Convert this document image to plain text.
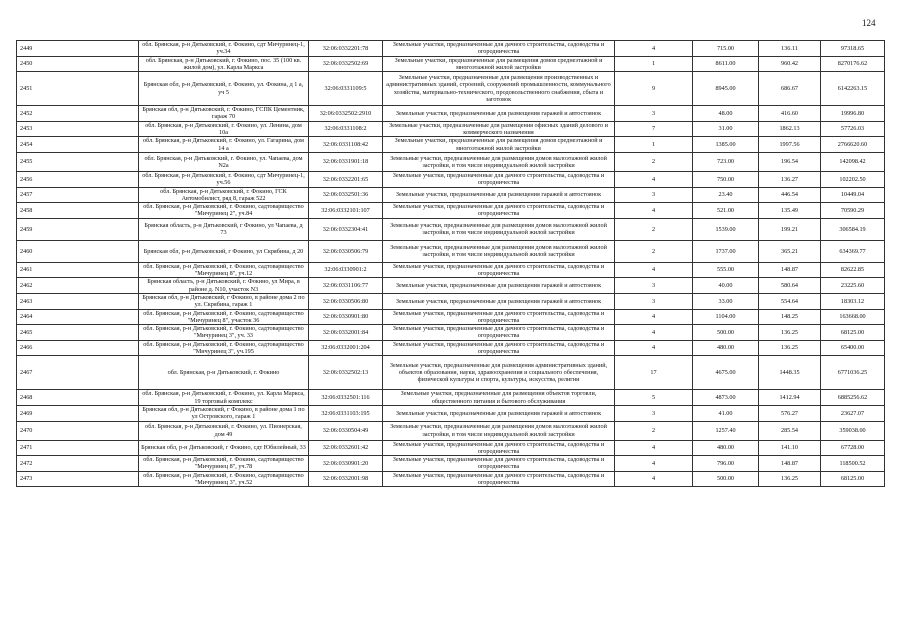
124
2449	обл. Брянская, р-н Дятьковский, г. Фокино, сдт Мичуринец-1, уч.34	32:06:0332201:78	Земельные участки, предназначенные для дачного строительства, садоводства и огородничества	4	715.00	136.11	97318.65
2450	обл. Брянская, р-н Дятьковский, г. Фокино, пос. 35 (100 кв. жилой дом), ул. Карла Маркса	32:06:0332502:69	Земельные участки, предназначенные для размещения домов среднеэтажной и многоэтажной жилой застройки	1	8611.00	960.42	8270176.62
2451	Брянская обл, р-н Дятьковский, г. Фокино, ул. Фокина, д 1 а, уч 5	32:06:0331109:5	Земельные участки, предназначенные для размещения производственных и административных зданий, строений, сооружений промышленности, коммунального хозяйства, материально-технического, продовольственного снабжения, сбыта и заготовок	9	8945.00	686.67	6142263.15
2452	Брянская обл, р-н Дятьковский, г. Фокино, ГСПК Цементник, гараж 70	32:06:0332502:2910	Земельные участки, предназначенные для размещения гаражей и автостоянок	3	48.00	416.60	19996.80
2453	обл. Брянская, р-н Дятьковский, г. Фокино, ул. Ленина, дом 10а	32:06:0331108:2	Земельные участки, предназначенные для размещения офисных зданий делового и коммерческого назначения	7	31.00	1862.13	57726.03
2454	обл. Брянская, р-н Дятьковский, г. Фокино, ул. Гагарина, дом 14 а	32:06:0331108:42	Земельные участки, предназначенные для размещения домов среднеэтажной и многоэтажной жилой застройки	1	1385.00	1997.56	2766620.60
2455	обл. Брянская, р-н Дятьковский, г. Фокино, ул. Чапаева, дом N2а	32:06:0331901:18	Земельные участки, предназначенные для размещения домов малоэтажной жилой застройки, в том числе индивидуальной жилой застройки	2	723.00	196.54	142098.42
2456	обл. Брянская, р-н Дятьковский, г. Фокино, сдт Мичуринец-1, уч.56	32:06:0332201:65	Земельные участки, предназначенные для дачного строительства, садоводства и огородничества	4	750.00	136.27	102202.50
2457	обл. Брянская, р-н Дятьковский, г. Фокино, ГСК Автомобилист, ряд 8, гараж 522	32:06:0332501:36	Земельные участки, предназначенные для размещения гаражей и автостоянок	3	23.40	446.54	10449.04
2458	обл. Брянская, р-н Дятьковский, г. Фокино, садтоварищество "Мичуринец 2", уч.84	32:06:0332101:107	Земельные участки, предназначенные для дачного строительства, садоводства и огородничества	4	521.00	135.49	70590.29
2459	Брянская область, р-н Дятьковский, г Фокино, ул Чапаева, д 73	32:06:0332304:41	Земельные участки, предназначенные для размещения домов малоэтажной жилой застройки, в том числе индивидуальной жилой застройки	2	1539.00	199.21	306584.19
2460	Брянская обл, р-н Дятьковский, г Фокино, ул Скрябина, д 20	32:06:0330506:79	Земельные участки, предназначенные для размещения домов малоэтажной жилой застройки, в том числе индивидуальной жилой застройки	2	1737.00	365.21	634369.77
2461	обл. Брянская, р-н Дятьковский, г. Фокино, садтоварищество "Мичуринец 8", уч.12	32:06:0330901:2	Земельные участки, предназначенные для дачного строительства, садоводства и огородничества	4	555.00	148.87	82622.85
2462	Брянская область, р-н Дятьковский, г. Фокино, ул Мира, в районе д. N10, участок N3	32:06:0331106:77	Земельные участки, предназначенные для размещения гаражей и автостоянок	3	40.00	580.64	23225.60
2463	Брянская обл, р-н Дятьковский, г Фокино, в районе дома 2 по ул. Скрябина, гараж 1	32:06:0330506:80	Земельные участки, предназначенные для размещения гаражей и автостоянок	3	33.00	554.64	18303.12
2464	обл. Брянская, р-н Дятьковский, г. Фокино, садтоварищество "Мичуринец 8", участок 36	32:06:0330901:80	Земельные участки, предназначенные для дачного строительства, садоводства и огородничества	4	1104.00	148.25	163668.00
2465	обл. Брянская, р-н Дятьковский, г. Фокино, садтоварищество "Мичуринец 3", уч. 33	32:06:0332001:84	Земельные участки, предназначенные для дачного строительства, садоводства и огородничества	4	500.00	136.25	68125.00
2466	обл. Брянская, р-н Дятьковский, г. Фокино, садтоварищество "Мичуринец 3", уч.195	32:06:0332001:204	Земельные участки, предназначенные для дачного строительства, садоводства и огородничества	4	480.00	136.25	65400.00
2467	обл. Брянская, р-н Дятьковский, г. Фокино	32:06:0332502:13	Земельные участки, предназначенные для размещения административных зданий, объектов образования, науки, здравоохранения и социального обеспечения, физической культуры и спорта, культуры, искусства, религии	17	4675.00	1448.35	6771036.25
2468	обл. Брянская, р-н Дятьковский, г. Фокино, ул. Карла Маркса, 19 торговый комплекс	32:06:0332501:116	Земельные участки, предназначенные для размещения объектов торговли, общественного питания и бытового обслуживания	5	4873.00	1412.94	6885256.62
2469	Брянская обл, р-н Дятьковский, г Фокино, в районе дома 1 по ул Островского, гараж 1	32:06:0331103:195	Земельные участки, предназначенные для размещения гаражей и автостоянок	3	41.00	576.27	23627.07
2470	обл. Брянская, р-н Дятьковский, г. Фокино, ул. Пионерская, дом 49	32:06:0330504:49	Земельные участки, предназначенные для размещения домов малоэтажной жилой застройки, в том числе индивидуальной жилой застройки	2	1257.40	285.54	359038.00
2471	Брянская обл, р-н Дятьковский, г Фокино, сдт Юбилейный, 33	32:06:0332601:42	Земельные участки, предназначенные для дачного строительства, садоводства и огородничества	4	480.00	141.10	67728.00
2472	обл. Брянская, р-н Дятьковский, г. Фокино, садтоварищество "Мичуринец 8", уч.78	32:06:0330901:20	Земельные участки, предназначенные для дачного строительства, садоводства и огородничества	4	796.00	148.87	118500.52
2473	обл. Брянская, р-н Дятьковский, г. Фокино, садтоварищество "Мичуринец 3", уч.52	32:06:0332001:98	Земельные участки, предназначенные для дачного строительства, садоводства и огородничества	4	500.00	136.25	68125.00
